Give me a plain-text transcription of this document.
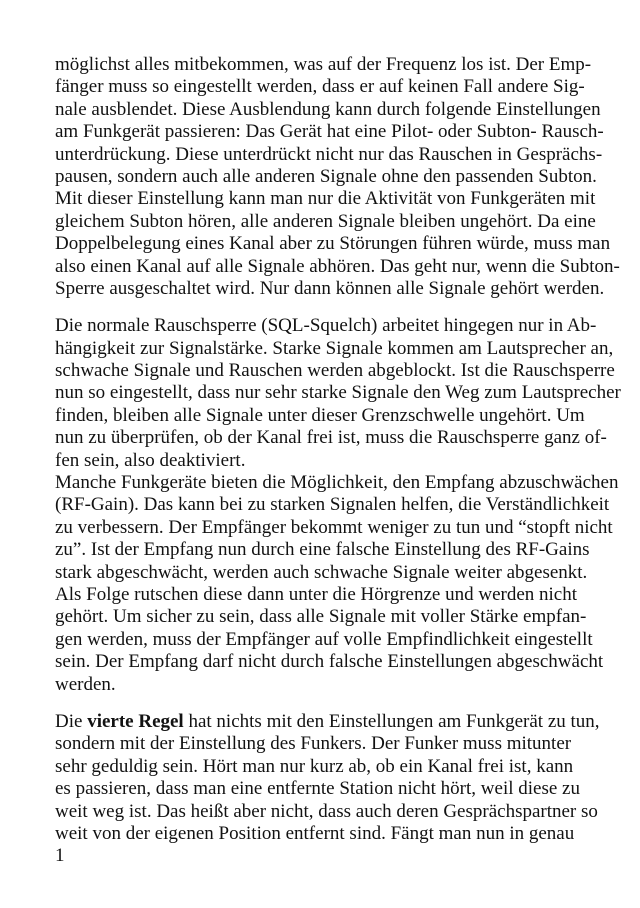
möglichst alles mitbekommen, was auf der Frequenz los ist. Der Emp-
fänger muss so eingestellt werden, dass er auf keinen Fall andere Sig-
nale ausblendet. Diese Ausblendung kann durch folgende Einstellungen
am Funkgerät passieren: Das Gerät hat eine Pilot- oder Subton- Rausch-
unterdrückung. Diese unterdrückt nicht nur das Rauschen in Gesprächs-
pausen, sondern auch alle anderen Signale ohne den passenden Subton.
Mit dieser Einstellung kann man nur die Aktivität von Funkgeräten mit
gleichem Subton hören, alle anderen Signale bleiben ungehört. Da eine
Doppelbelegung eines Kanal aber zu Störungen führen würde, muss man
also einen Kanal auf alle Signale abhören. Das geht nur, wenn die Subton-
Sperre ausgeschaltet wird. Nur dann können alle Signale gehört werden.
Die normale Rauschsperre (SQL-Squelch) arbeitet hingegen nur in Ab-
hängigkeit zur Signalstärke. Starke Signale kommen am Lautsprecher an,
schwache Signale und Rauschen werden abgeblockt. Ist die Rauschsperre
nun so eingestellt, dass nur sehr starke Signale den Weg zum Lautsprecher
finden, bleiben alle Signale unter dieser Grenzschwelle ungehört. Um
nun zu überprüfen, ob der Kanal frei ist, muss die Rauschsperre ganz of-
fen sein, also deaktiviert.
Manche Funkgeräte bieten die Möglichkeit, den Empfang abzuschwächen
(RF-Gain). Das kann bei zu starken Signalen helfen, die Verständlichkeit
zu verbessern. Der Empfänger bekommt weniger zu tun und “stopft nicht
zu”. Ist der Empfang nun durch eine falsche Einstellung des RF-Gains
stark abgeschwächt, werden auch schwache Signale weiter abgesenkt.
Als Folge rutschen diese dann unter die Hörgrenze und werden nicht
gehört. Um sicher zu sein, dass alle Signale mit voller Stärke empfan-
gen werden, muss der Empfänger auf volle Empfindlichkeit eingestellt
sein. Der Empfang darf nicht durch falsche Einstellungen abgeschwächt
werden.
Die vierte Regel hat nichts mit den Einstellungen am Funkgerät zu tun,
sondern mit der Einstellung des Funkers. Der Funker muss mitunter
sehr geduldig sein. Hört man nur kurz ab, ob ein Kanal frei ist, kann
es passieren, dass man eine entfernte Station nicht hört, weil diese zu
weit weg ist. Das heißt aber nicht, dass auch deren Gesprächspartner so
weit von der eigenen Position entfernt sind. Fängt man nun in genau
1
